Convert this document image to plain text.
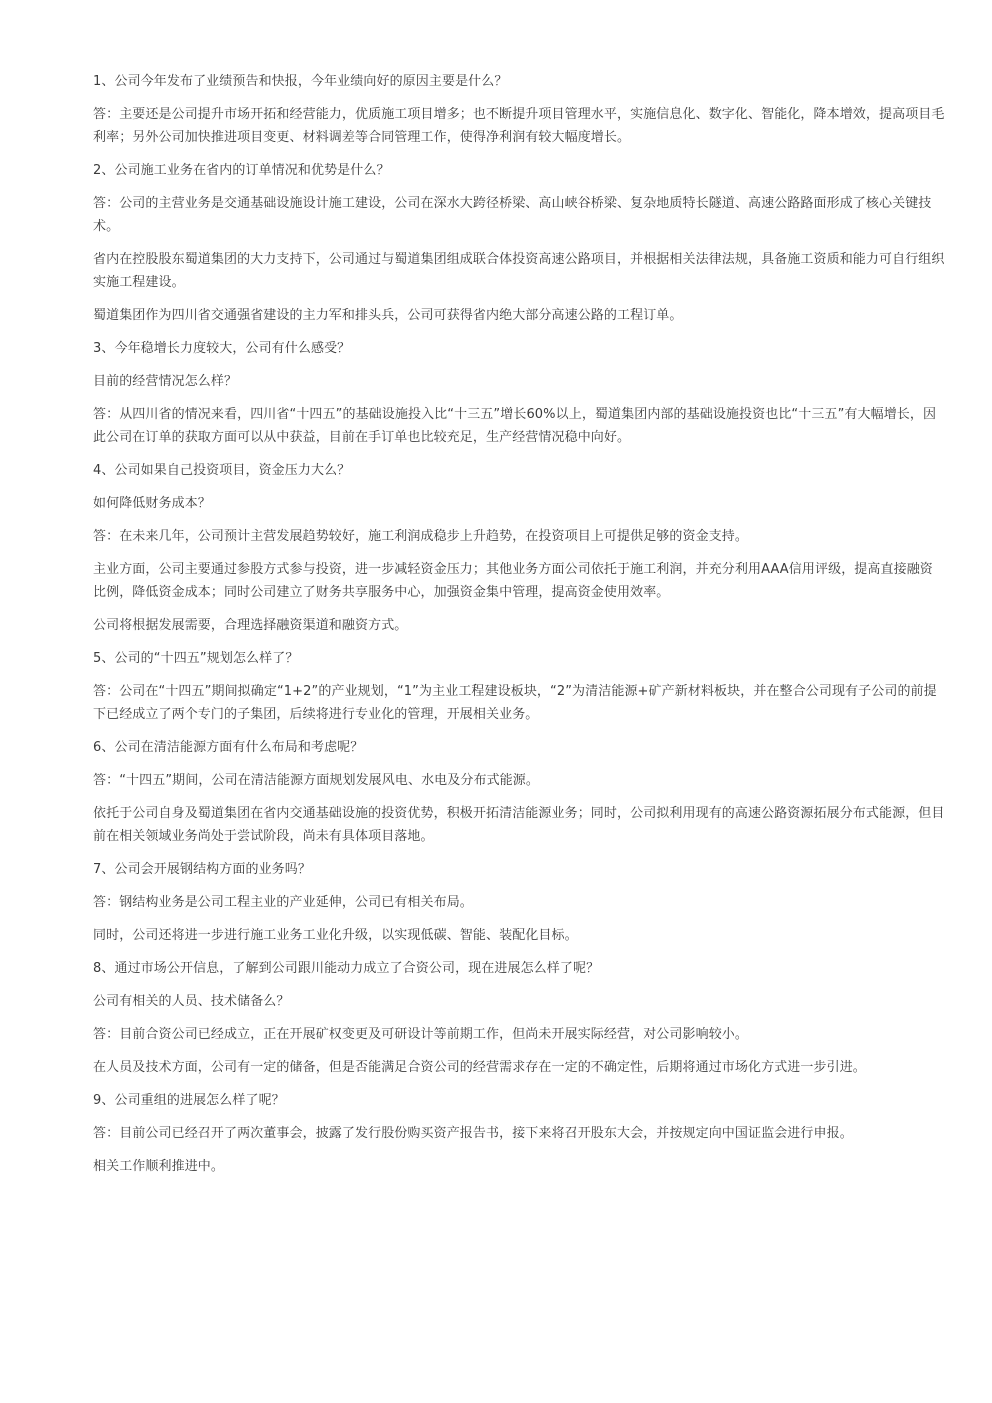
1、公司今年发布了业绩预告和快报，今年业绩向好的原因主要是什么？

答：主要还是公司提升市场开拓和经营能力，优质施工项目增多；也不断提升项目管理水平，实施信息化、数字化、智能化，降本增效，提高项目毛利率；另外公司加快推进项目变更、材料调差等合同管理工作，使得净利润有较大幅度增长。

2、公司施工业务在省内的订单情况和优势是什么？

答：公司的主营业务是交通基础设施设计施工建设，公司在深水大跨径桥梁、高山峡谷桥梁、复杂地质特长隧道、高速公路路面形成了核心关键技术。

省内在控股股东蜀道集团的大力支持下，公司通过与蜀道集团组成联合体投资高速公路项目，并根据相关法律法规，具备施工资质和能力可自行组织实施工程建设。

蜀道集团作为四川省交通强省建设的主力军和排头兵，公司可获得省内绝大部分高速公路的工程订单。

3、今年稳增长力度较大，公司有什么感受？

目前的经营情况怎么样？

答：从四川省的情况来看，四川省“十四五”的基础设施投入比“十三五”增长60%以上，蜀道集团内部的基础设施投资也比“十三五”有大幅增长，因此公司在订单的获取方面可以从中获益，目前在手订单也比较充足，生产经营情况稳中向好。

4、公司如果自己投资项目，资金压力大么？

如何降低财务成本？

答：在未来几年，公司预计主营发展趋势较好，施工利润成稳步上升趋势，在投资项目上可提供足够的资金支持。

主业方面，公司主要通过参股方式参与投资，进一步减轻资金压力；其他业务方面公司依托于施工利润，并充分利用AAA信用评级，提高直接融资比例，降低资金成本；同时公司建立了财务共享服务中心，加强资金集中管理，提高资金使用效率。

公司将根据发展需要，合理选择融资渠道和融资方式。

5、公司的“十四五”规划怎么样了？

答：公司在“十四五”期间拟确定“1+2”的产业规划，“1”为主业工程建设板块，“2”为清洁能源+矿产新材料板块，并在整合公司现有子公司的前提下已经成立了两个专门的子集团，后续将进行专业化的管理，开展相关业务。

6、公司在清洁能源方面有什么布局和考虑呢？

答：“十四五”期间，公司在清洁能源方面规划发展风电、水电及分布式能源。

依托于公司自身及蜀道集团在省内交通基础设施的投资优势，积极开拓清洁能源业务；同时，公司拟利用现有的高速公路资源拓展分布式能源，但目前在相关领域业务尚处于尝试阶段，尚未有具体项目落地。

7、公司会开展钢结构方面的业务吗？

答：钢结构业务是公司工程主业的产业延伸，公司已有相关布局。

同时，公司还将进一步进行施工业务工业化升级，以实现低碳、智能、装配化目标。

8、通过市场公开信息，了解到公司跟川能动力成立了合资公司，现在进展怎么样了呢？

公司有相关的人员、技术储备么？

答：目前合资公司已经成立，正在开展矿权变更及可研设计等前期工作，但尚未开展实际经营，对公司影响较小。

在人员及技术方面，公司有一定的储备，但是否能满足合资公司的经营需求存在一定的不确定性，后期将通过市场化方式进一步引进。

9、公司重组的进展怎么样了呢？

答：目前公司已经召开了两次董事会，披露了发行股份购买资产报告书，接下来将召开股东大会，并按规定向中国证监会进行申报。

相关工作顺利推进中。
